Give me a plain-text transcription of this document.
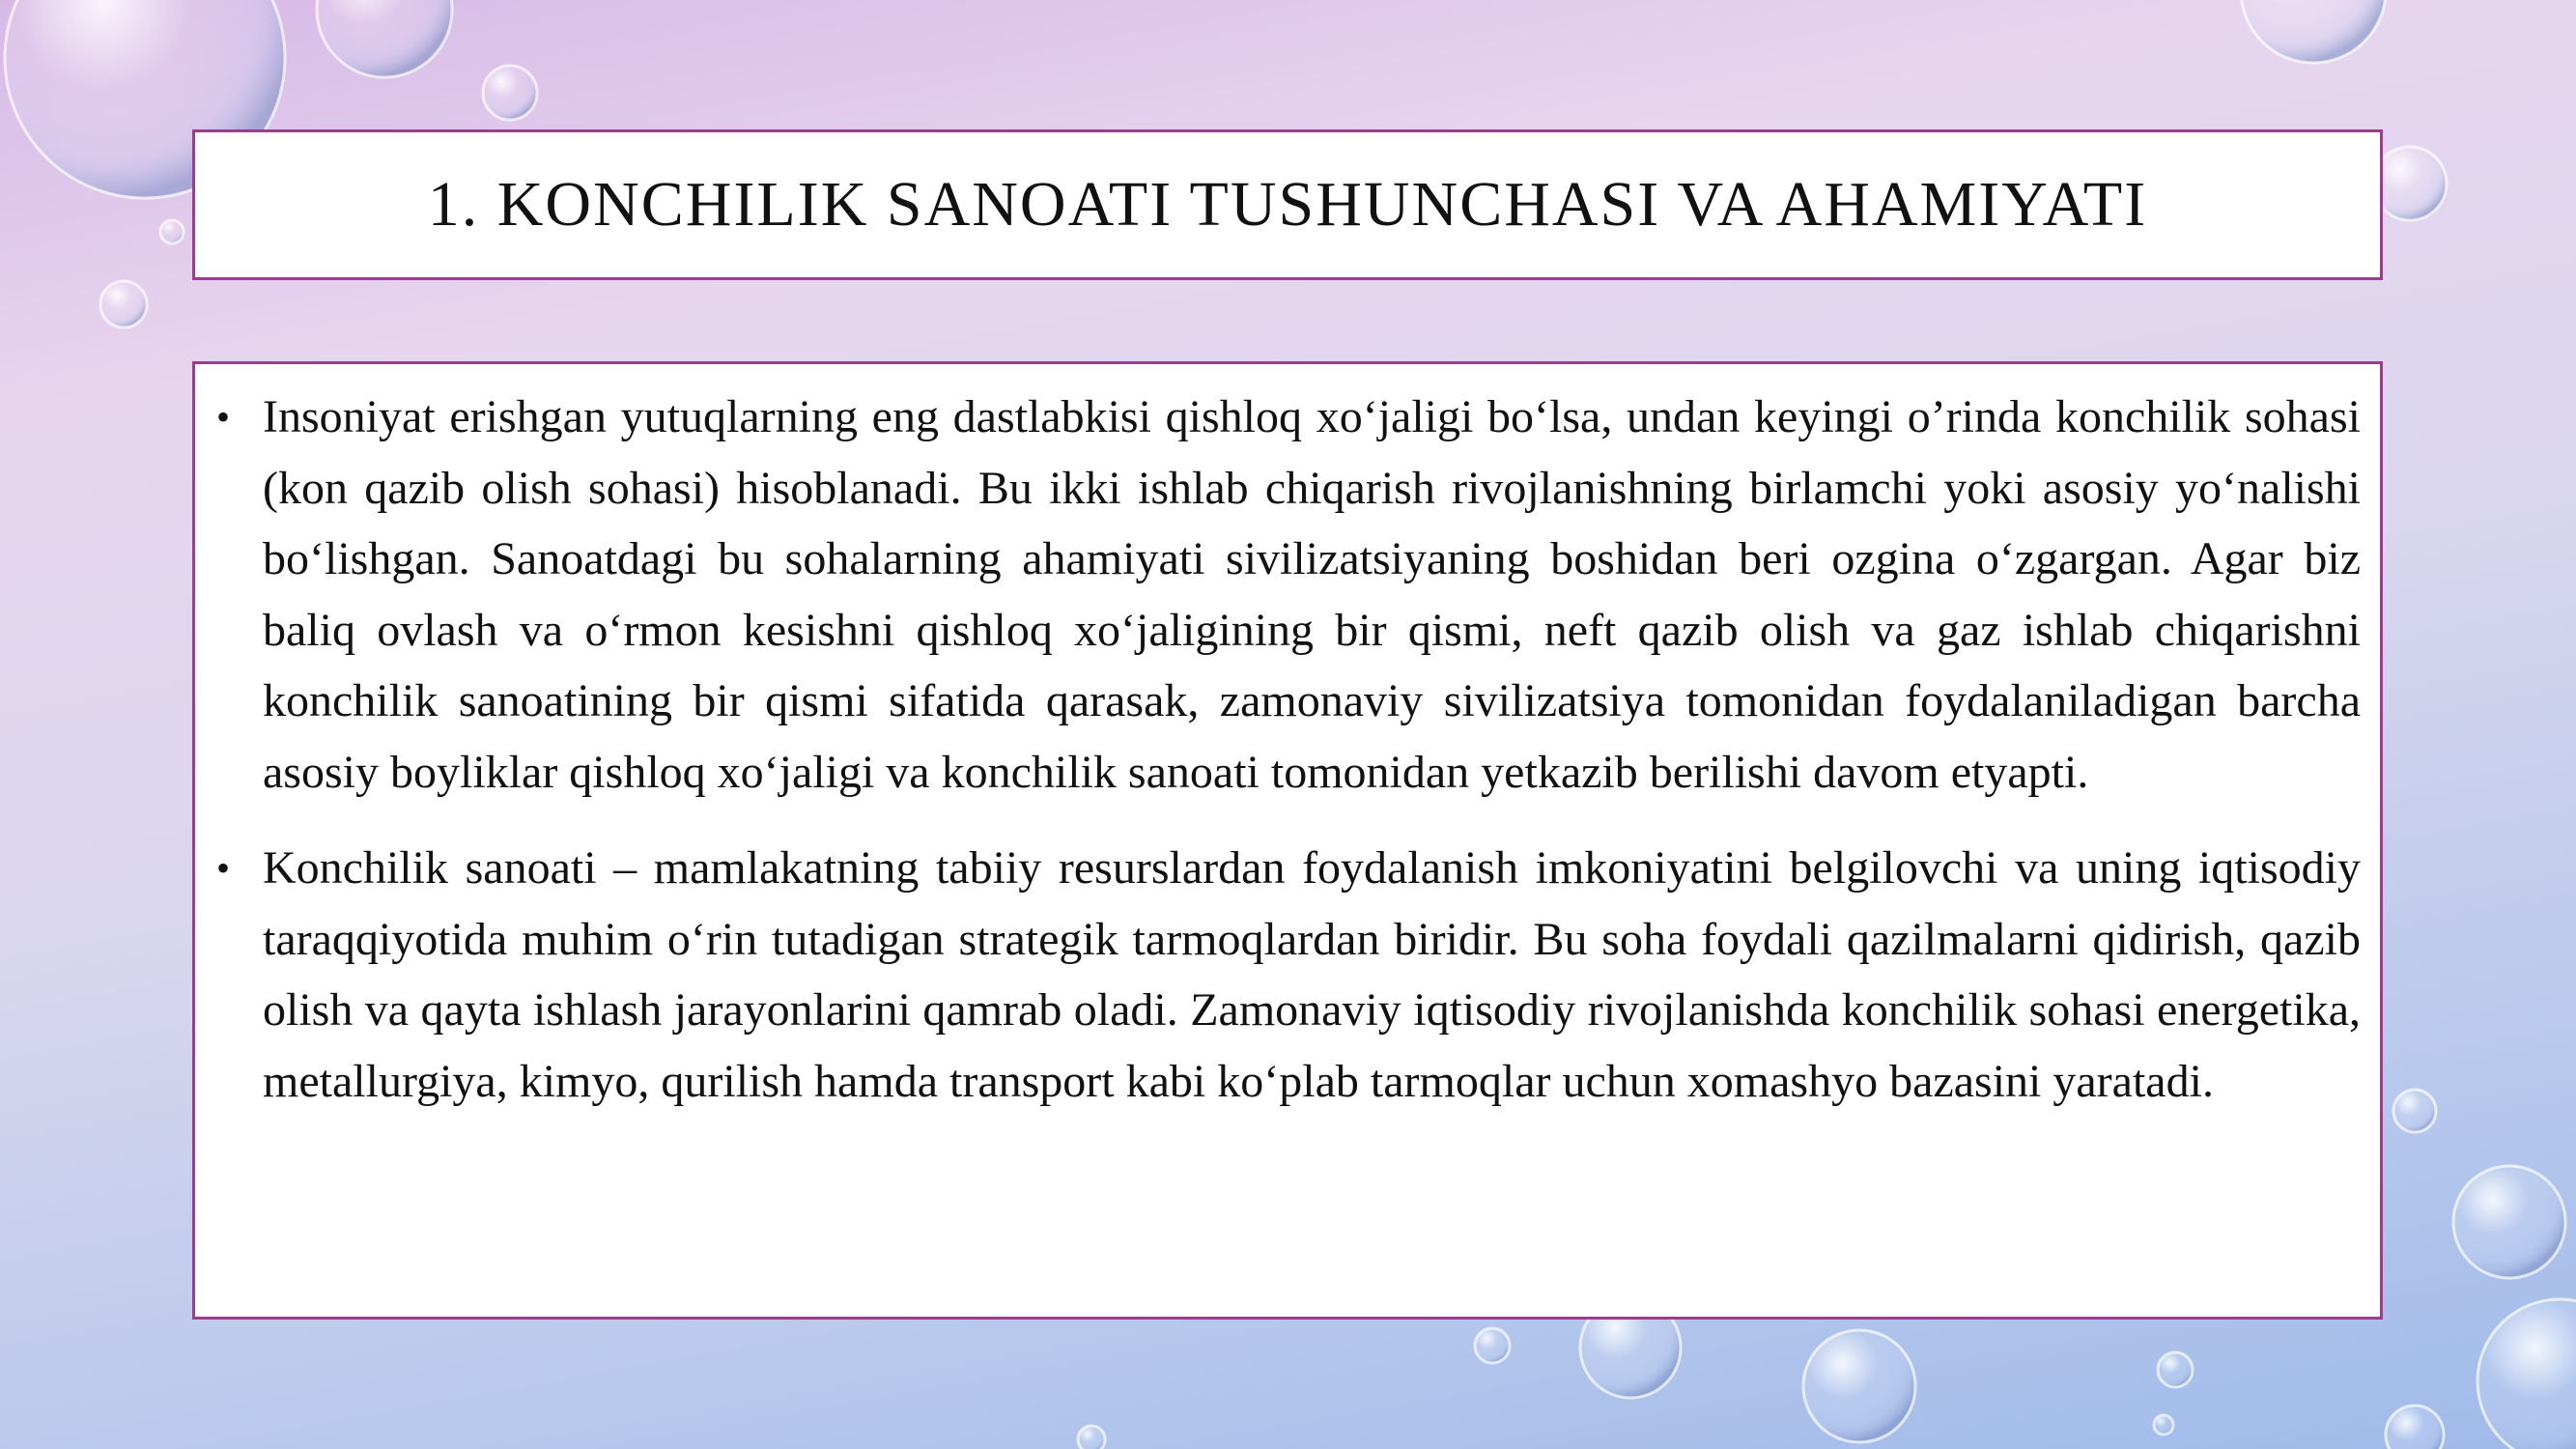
1. KONCHILIK SANOATI TUSHUNCHASI VA AHAMIYATI
• Insoniyat erishgan yutuqlarning eng dastlabkisi qishloq xo‘jaligi bo‘lsa, undan keyingi o’rinda konchilik sohasi (kon qazib olish sohasi) hisoblanadi. Bu ikki ishlab chiqarish rivojlanishning birlamchi yoki asosiy yo‘nalishi bo‘lishgan. Sanoatdagi bu sohalarning ahamiyati sivilizatsiyaning boshidan beri ozgina o‘zgargan. Agar biz baliq ovlash va o‘rmon kesishni qishloq xo‘jaligining bir qismi, neft qazib olish va gaz ishlab chiqarishni konchilik sanoatining bir qismi sifatida qarasak, zamonaviy sivilizatsiya tomonidan foydalaniladigan barcha asosiy boyliklar qishloq xo‘jaligi va konchilik sanoati tomonidan yetkazib berilishi davom etyapti.
• Konchilik sanoati – mamlakatning tabiiy resurslardan foydalanish imkoniyatini belgilovchi va uning iqtisodiy taraqqiyotida muhim o‘rin tutadigan strategik tarmoqlardan biridir. Bu soha foydali qazilmalarni qidirish, qazib olish va qayta ishlash jarayonlarini qamrab oladi. Zamonaviy iqtisodiy rivojlanishda konchilik sohasi energetika, metallurgiya, kimyo, qurilish hamda transport kabi ko‘plab tarmoqlar uchun xomashyo bazasini yaratadi.
